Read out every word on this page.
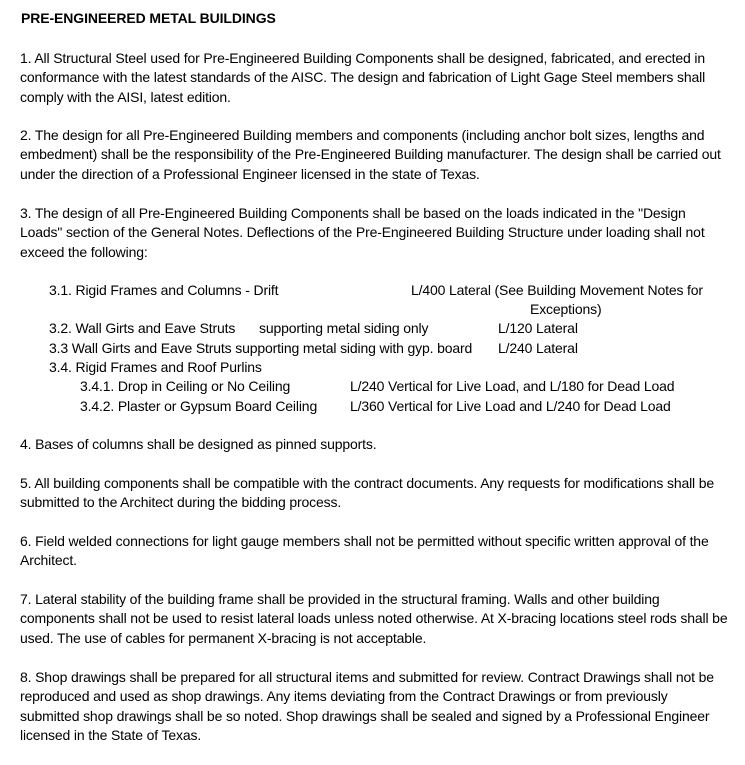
PRE-ENGINEERED METAL BUILDINGS

1. All Structural Steel used for Pre-Engineered Building Components shall be designed, fabricated, and erected in conformance with the latest standards of the AISC. The design and fabrication of Light Gage Steel members shall comply with the AISI, latest edition.

2. The design for all Pre-Engineered Building members and components (including anchor bolt sizes, lengths and embedment) shall be the responsibility of the Pre-Engineered Building manufacturer. The design shall be carried out under the direction of a Professional Engineer licensed in the state of Texas.

3. The design of all Pre-Engineered Building Components shall be based on the loads indicated in the "Design Loads" section of the General Notes. Deflections of the Pre-Engineered Building Structure under loading shall not exceed the following:

3.1. Rigid Frames and Columns - Drift	L/400 Lateral (See Building Movement Notes for
Exceptions)
3.2. Wall Girts and Eave Struts supporting metal siding only	L/120 Lateral
3.3 Wall Girts and Eave Struts supporting metal siding with gyp. board L/240 Lateral
3.4. Rigid Frames and Roof Purlins
3.4.1. Drop in Ceiling or No Ceiling	L/240 Vertical for Live Load, and L/180 for Dead Load
3.4.2. Plaster or Gypsum Board Ceiling L/360 Vertical for Live Load and L/240 for Dead Load

4. Bases of columns shall be designed as pinned supports.

5. All building components shall be compatible with the contract documents. Any requests for modifications shall be submitted to the Architect during the bidding process.

6. Field welded connections for light gauge members shall not be permitted without specific written approval of the Architect.

7. Lateral stability of the building frame shall be provided in the structural framing. Walls and other building components shall not be used to resist lateral loads unless noted otherwise. At X-bracing locations steel rods shall be used. The use of cables for permanent X-bracing is not acceptable.

8. Shop drawings shall be prepared for all structural items and submitted for review. Contract Drawings shall not be reproduced and used as shop drawings. Any items deviating from the Contract Drawings or from previously submitted shop drawings shall be so noted. Shop drawings shall be sealed and signed by a Professional Engineer licensed in the State of Texas.
